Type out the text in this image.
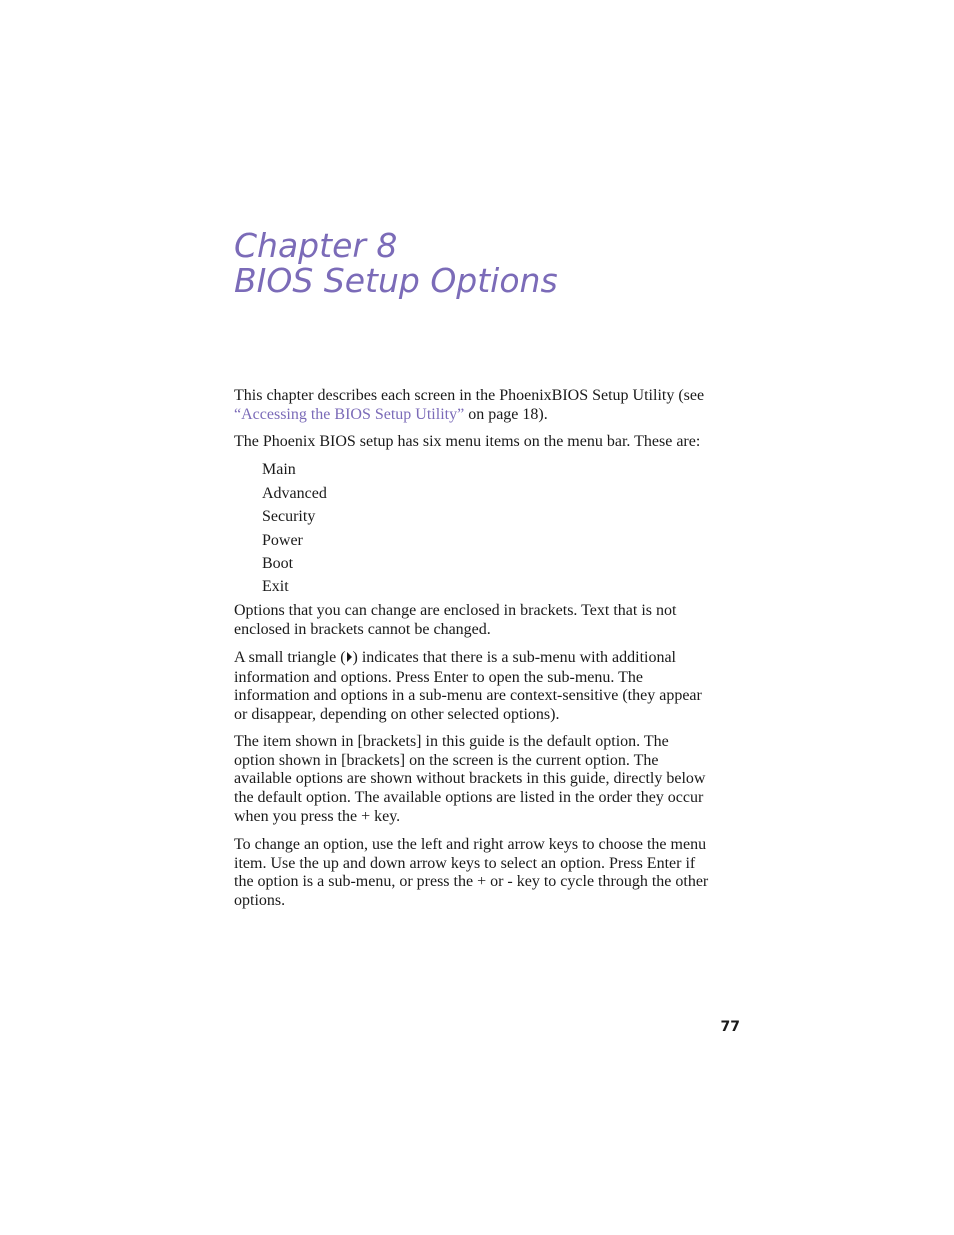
Chapter 8
BIOS Setup Options

This chapter describes each screen in the PhoenixBIOS Setup Utility (see
“Accessing the BIOS Setup Utility” on page 18).

The Phoenix BIOS setup has six menu items on the menu bar. These are:

Main

Advanced

Security

Power

Boot

Exit

Options that you can change are enclosed in brackets. Text that is not
enclosed in brackets cannot be changed.

A small triangle ( ) indicates that there is a sub-menu with additional
information and options. Press Enter to open the sub-menu. The
information and options in a sub-menu are context-sensitive (they appear
or disappear, depending on other selected options).

The item shown in [brackets] in this guide is the default option. The
option shown in [brackets] on the screen is the current option. The
available options are shown without brackets in this guide, directly below
the default option. The available options are listed in the order they occur
when you press the + key.

To change an option, use the left and right arrow keys to choose the menu
item. Use the up and down arrow keys to select an option. Press Enter if
the option is a sub-menu, or press the + or - key to cycle through the other
options.

77
